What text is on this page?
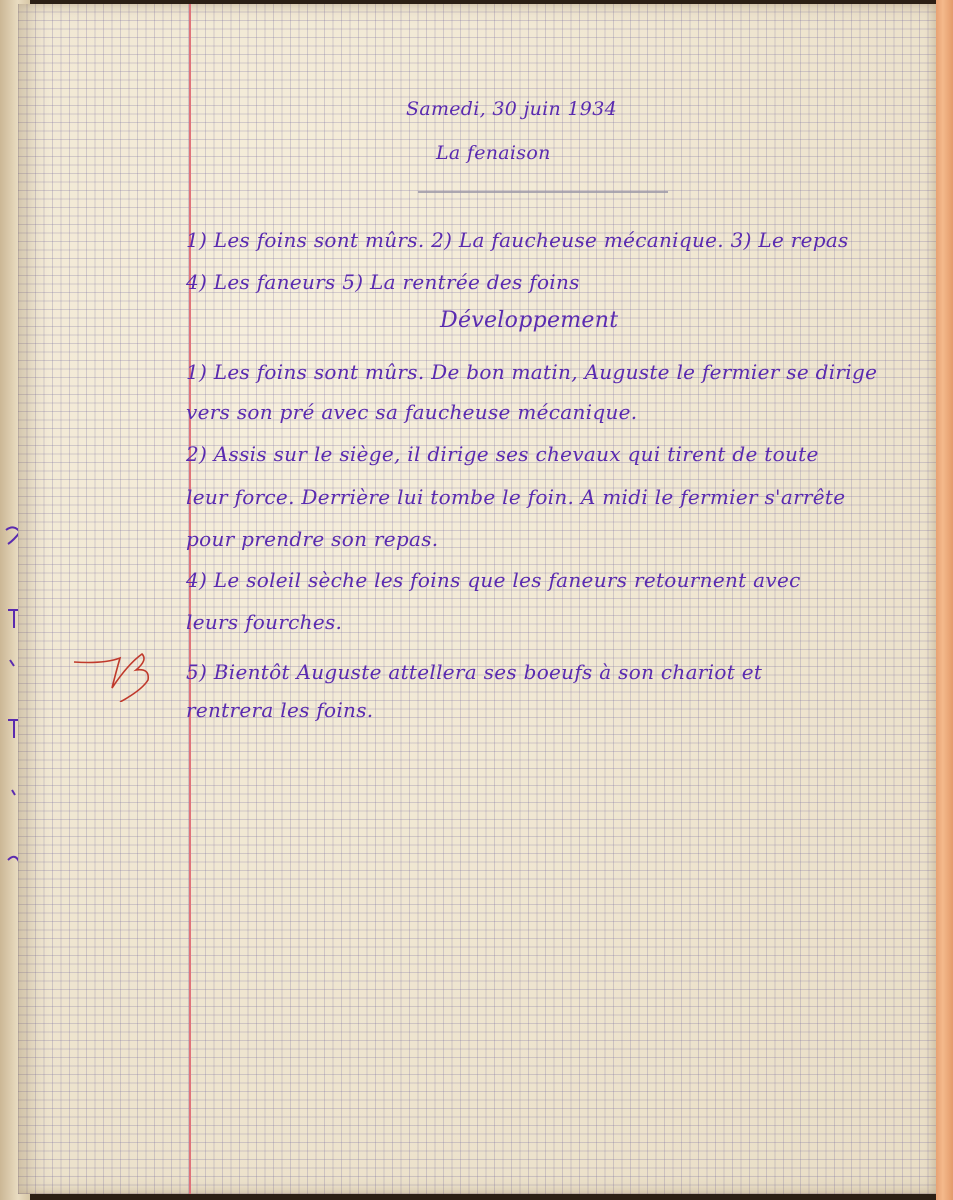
Samedi, 30 juin 1934
La fenaison
1) Les foins sont mûrs. 2) La faucheuse mécanique. 3) Le repas
4) Les faneurs 5) La rentrée des foins
Développement
1) Les foins sont mûrs. De bon matin, Auguste le fermier se dirige
vers son pré avec sa faucheuse mécanique.
2) Assis sur le siège, il dirige ses chevaux qui tirent de toute
leur force. Derrière lui tombe le foin. A midi le fermier s'arrête
pour prendre son repas.
4) Le soleil sèche les foins que les faneurs retournent avec
leurs fourches.
5) Bientôt Auguste attellera ses boeufs à son chariot et
rentrera les foins.
